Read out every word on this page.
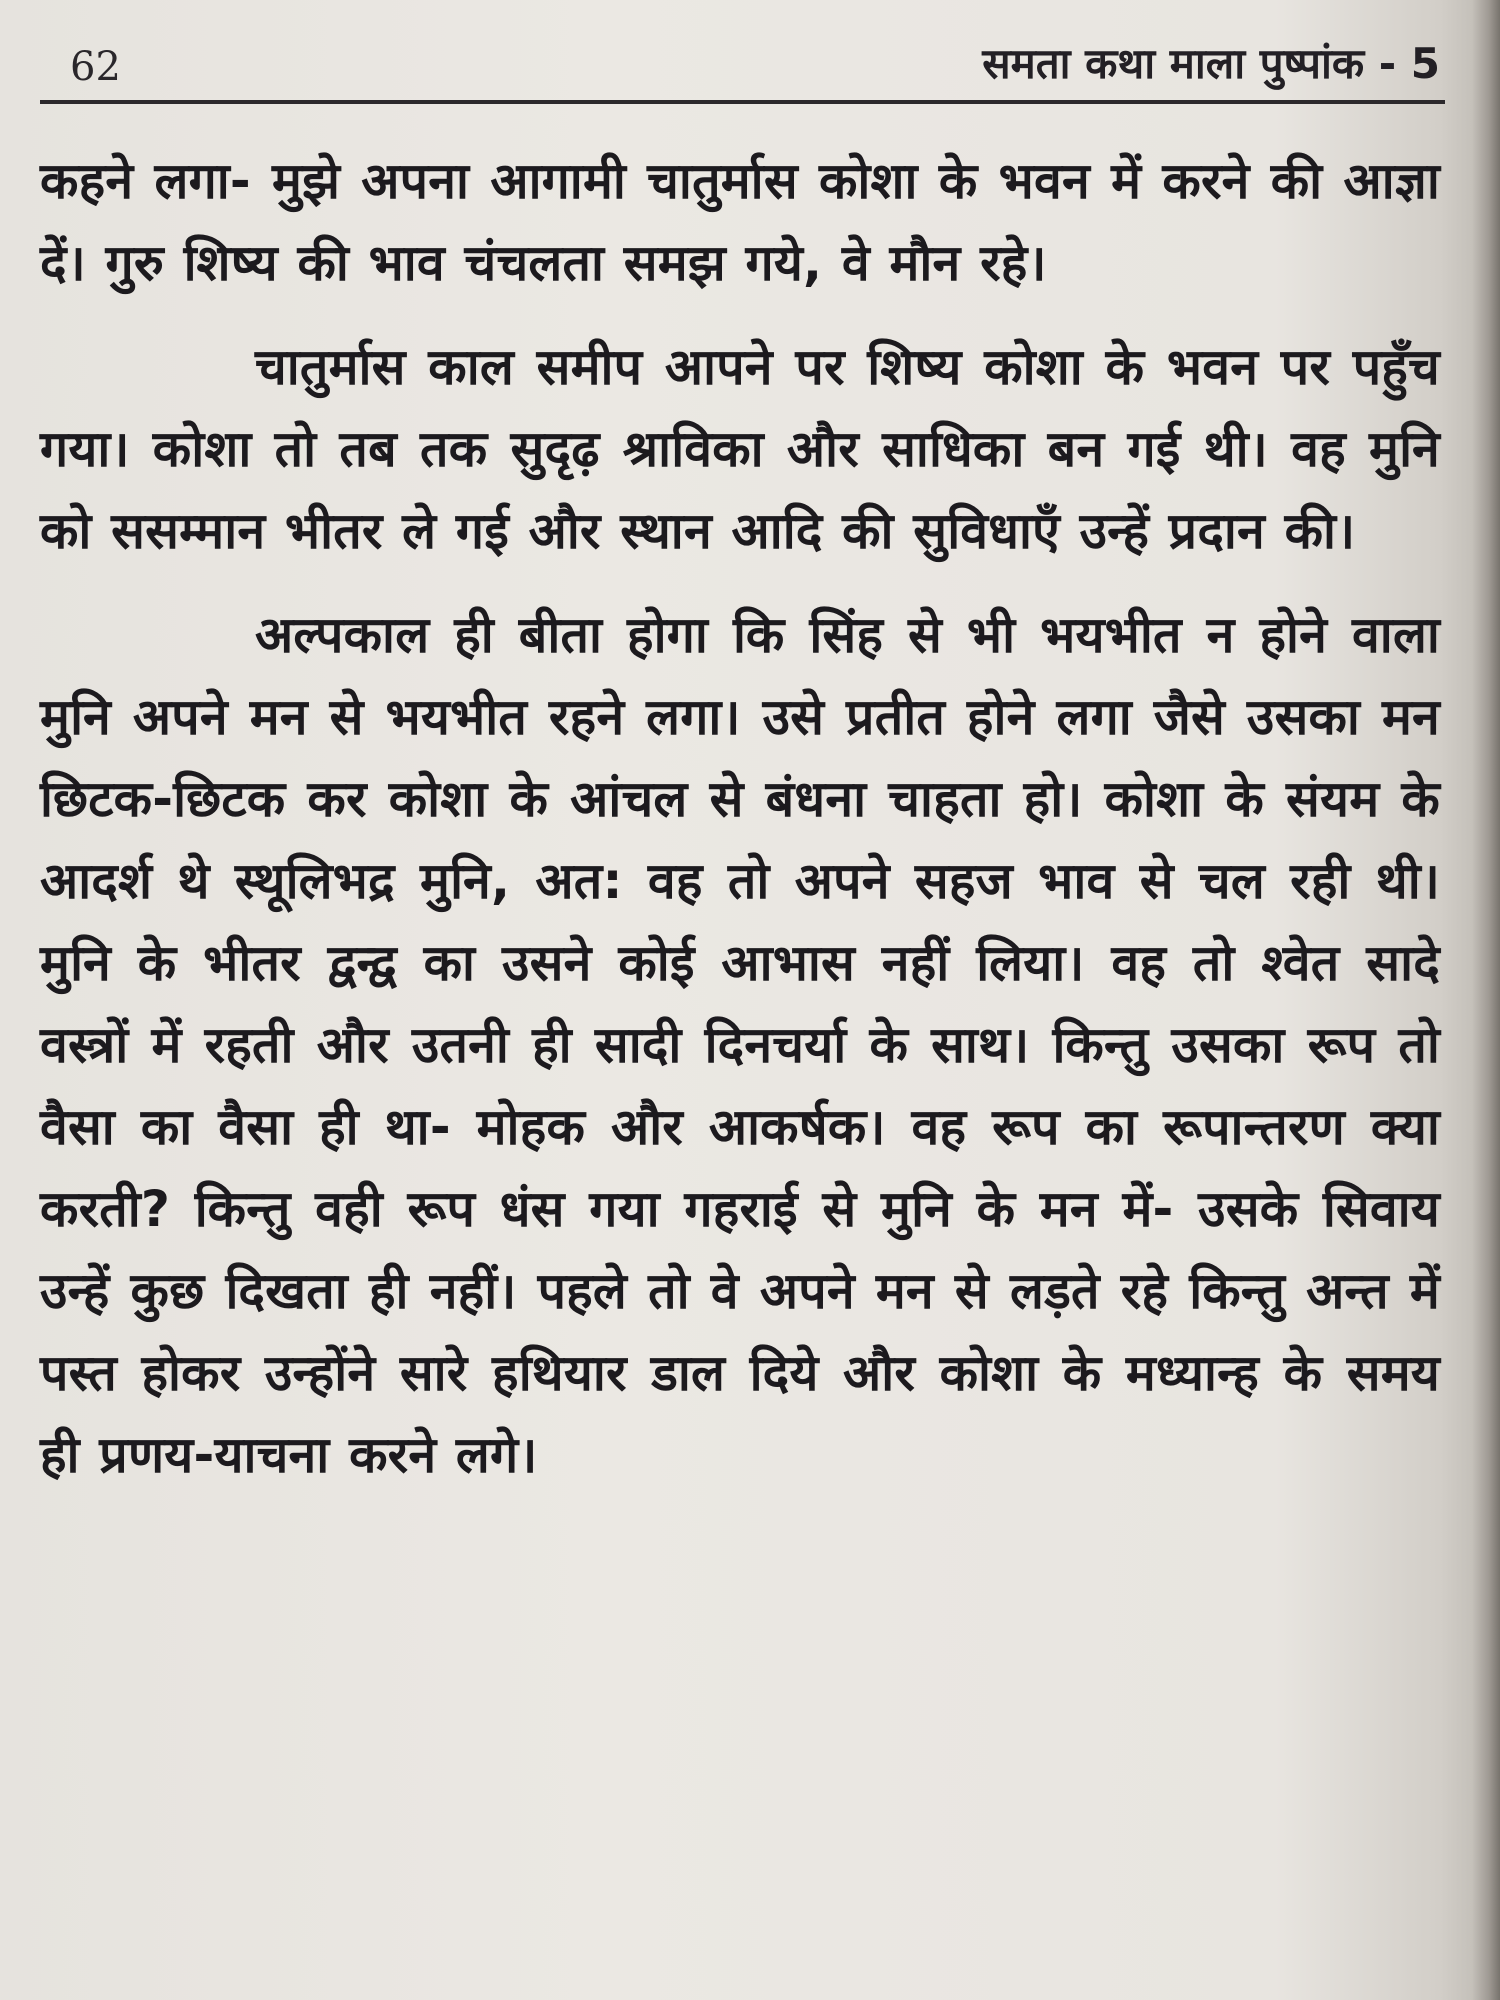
62	समता कथा माला पुष्पांक - 5

कहने लगा- मुझे अपना आगामी चातुर्मास कोशा के भवन में करने की आज्ञा दें। गुरु शिष्य की भाव चंचलता समझ गये, वे मौन रहे।

चातुर्मास काल समीप आपने पर शिष्य कोशा के भवन पर पहुँच गया। कोशा तो तब तक सुदृढ़ श्राविका और साधिका बन गई थी। वह मुनि को ससम्मान भीतर ले गई और स्थान आदि की सुविधाएँ उन्हें प्रदान की।

अल्पकाल ही बीता होगा कि सिंह से भी भयभीत न होने वाला मुनि अपने मन से भयभीत रहने लगा। उसे प्रतीत होने लगा जैसे उसका मन छिटक-छिटक कर कोशा के आंचल से बंधना चाहता हो। कोशा के संयम के आदर्श थे स्थूलिभद्र मुनि, अत: वह तो अपने सहज भाव से चल रही थी। मुनि के भीतर द्वन्द्व का उसने कोई आभास नहीं लिया। वह तो श्वेत सादे वस्त्रों में रहती और उतनी ही सादी दिनचर्या के साथ। किन्तु उसका रूप तो वैसा का वैसा ही था- मोहक और आकर्षक। वह रूप का रूपान्तरण क्या करती? किन्तु वही रूप धंस गया गहराई से मुनि के मन में- उसके सिवाय उन्हें कुछ दिखता ही नहीं। पहले तो वे अपने मन से लड़ते रहे किन्तु अन्त में पस्त होकर उन्होंने सारे हथियार डाल दिये और कोशा के मध्यान्ह के समय ही प्रणय-याचना करने लगे।
